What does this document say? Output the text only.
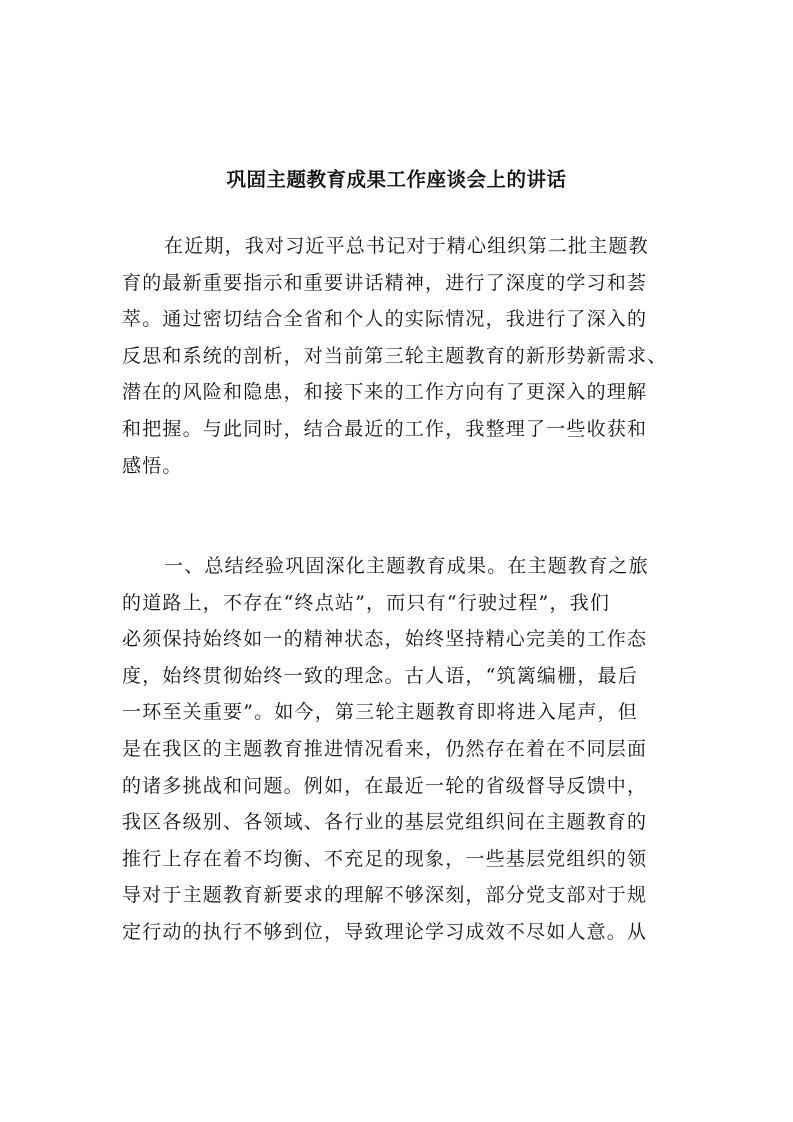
巩固主题教育成果工作座谈会上的讲话
在近期，我对习近平总书记对于精心组织第二批主题教
育的最新重要指示和重要讲话精神，进行了深度的学习和荟
萃。通过密切结合全省和个人的实际情况，我进行了深入的
反思和系统的剖析，对当前第三轮主题教育的新形势新需求、
潜在的风险和隐患，和接下来的工作方向有了更深入的理解
和把握。与此同时，结合最近的工作，我整理了一些收获和
感悟。
一、总结经验巩固深化主题教育成果。在主题教育之旅
的道路上，不存在“终点站”，而只有“行驶过程”，我们
必须保持始终如一的精神状态，始终坚持精心完美的工作态
度，始终贯彻始终一致的理念。古人语，“筑篱编栅，最后
一环至关重要”。如今，第三轮主题教育即将进入尾声，但
是在我区的主题教育推进情况看来，仍然存在着在不同层面
的诸多挑战和问题。例如，在最近一轮的省级督导反馈中，
我区各级别、各领域、各行业的基层党组织间在主题教育的
推行上存在着不均衡、不充足的现象，一些基层党组织的领
导对于主题教育新要求的理解不够深刻，部分党支部对于规
定行动的执行不够到位，导致理论学习成效不尽如人意。从
